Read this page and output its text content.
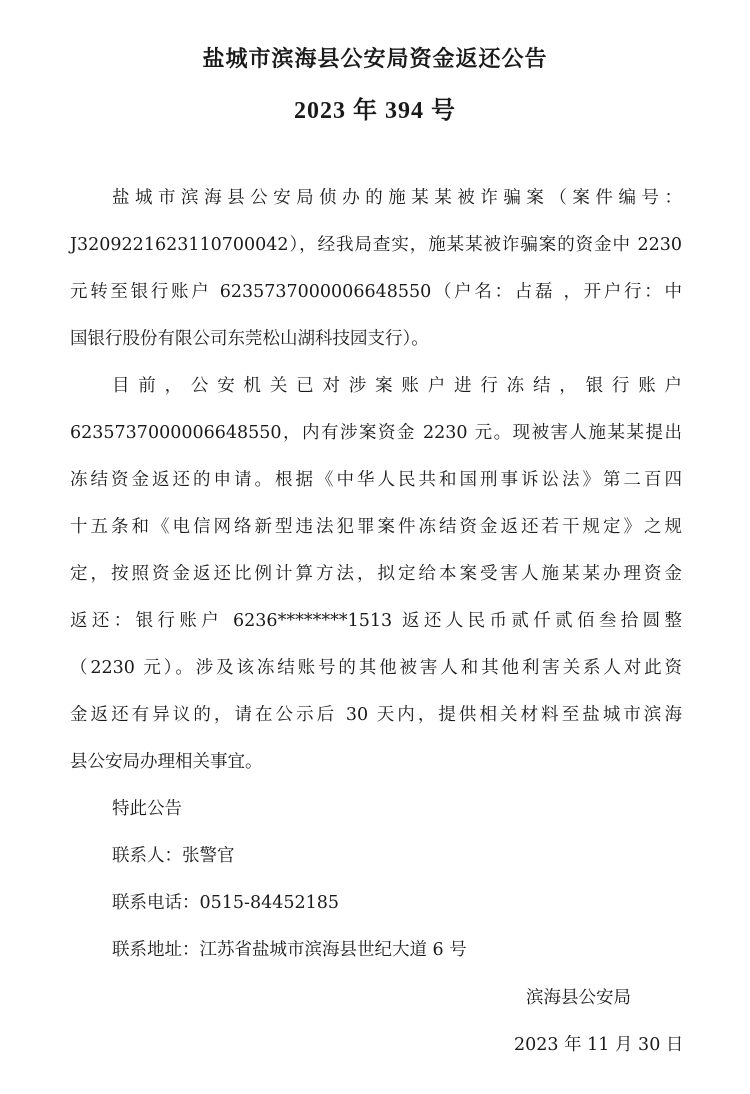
盐城市滨海县公安局资金返还公告
2023 年 394 号
盐城市滨海县公安局侦办的施某某被诈骗案（案件编号：
J3209221623110700042），经我局查实，施某某被诈骗案的资金中 2230
元转至银行账户 6235737000006648550（户名：占磊 ，开户行：中
国银行股份有限公司东莞松山湖科技园支行）。
目前，公安机关已对涉案账户进行冻结，银行账户
6235737000006648550，内有涉案资金 2230 元。现被害人施某某提出
冻结资金返还的申请。根据《中华人民共和国刑事诉讼法》第二百四
十五条和《电信网络新型违法犯罪案件冻结资金返还若干规定》之规
定，按照资金返还比例计算方法，拟定给本案受害人施某某办理资金
返还：银行账户 6236********1513 返还人民币贰仟贰佰叁拾圆整
（2230 元）。涉及该冻结账号的其他被害人和其他利害关系人对此资
金返还有异议的，请在公示后 30 天内，提供相关材料至盐城市滨海
县公安局办理相关事宜。
特此公告
联系人：张警官
联系电话：0515-84452185
联系地址：江苏省盐城市滨海县世纪大道 6 号
滨海县公安局
2023 年 11 月 30 日
